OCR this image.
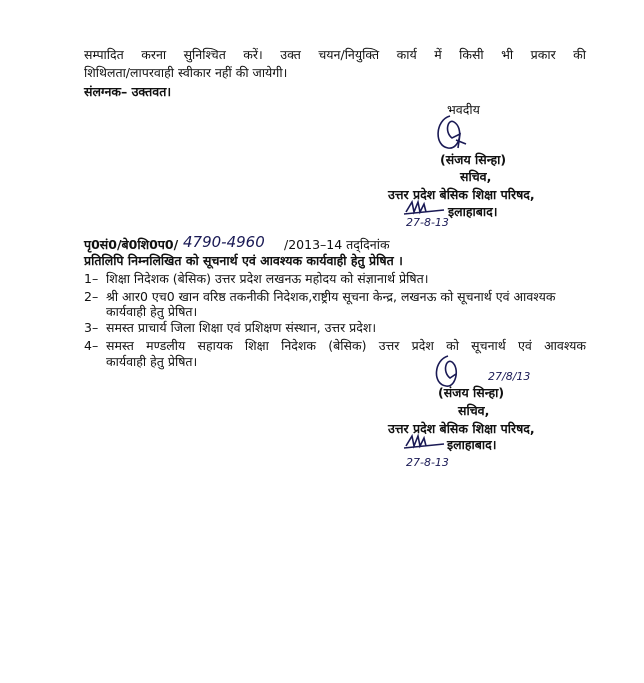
सम्पादित करना सुनिश्चित करें। उक्त चयन/नियुक्ति कार्य में किसी भी प्रकार की
शिथिलता/लापरवाही स्वीकार नहीं की जायेगी।
संलग्नक– उक्तवत।
भवदीय
(संजय सिन्हा)
सचिव,
उत्तर प्रदेश बेसिक शिक्षा परिषद,
इलाहाबाद।
27-8-13
पृ0सं0/बे0शि0प0/ 4790-4960 /2013–14 तद्‌दिनांक
प्रतिलिपि निम्नलिखित को सूचनार्थ एवं आवश्यक कार्यवाही हेतु प्रेषित ।
1– शिक्षा निदेशक (बेसिक) उत्तर प्रदेश लखनऊ महोदय को संज्ञानार्थ प्रेषित।
2– श्री आर0 एच0 खान वरिष्ठ तकनीकी निदेशक,राष्ट्रीय सूचना केन्द्र, लखनऊ को सूचनार्थ एवं आवश्यक
कार्यवाही हेतु प्रेषित।
3– समस्त प्राचार्य जिला शिक्षा एवं प्रशिक्षण संस्थान, उत्तर प्रदेश।
4– समस्त मण्डलीय सहायक शिक्षा निदेशक (बेसिक) उत्तर प्रदेश को सूचनार्थ एवं आवश्यक
कार्यवाही हेतु प्रेषित।
27/8/13
(संजय सिन्हा)
सचिव,
उत्तर प्रदेश बेसिक शिक्षा परिषद,
इलाहाबाद।
27-8-13
